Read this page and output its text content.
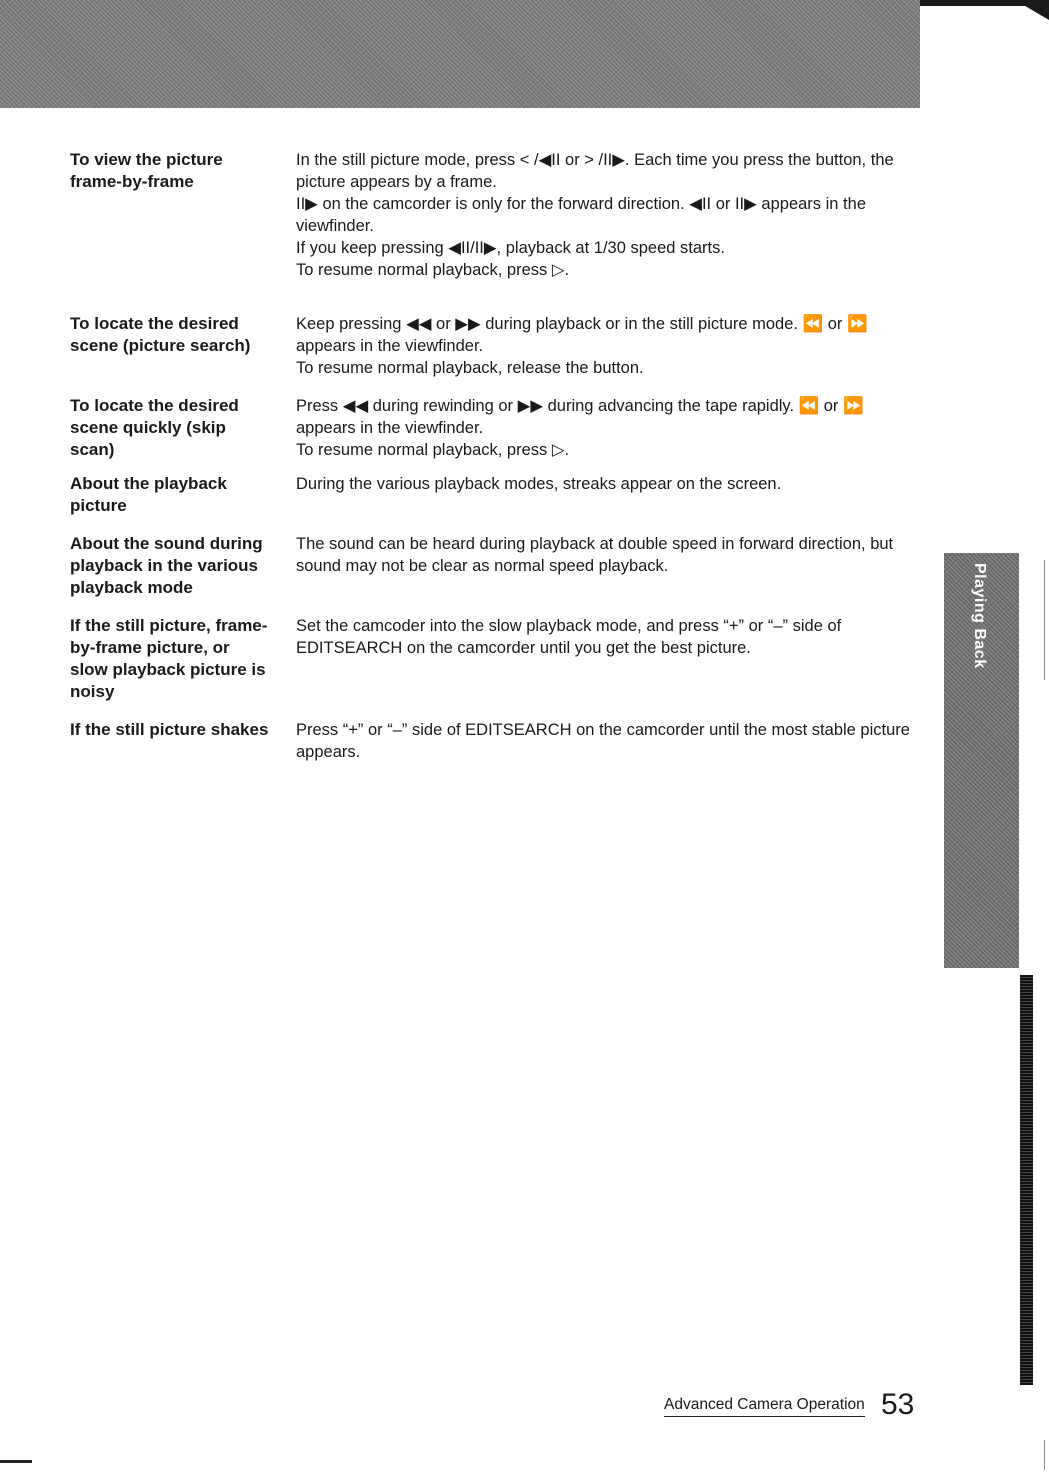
To view the picture
frame-by-frame

In the still picture mode, press < /◀II or > /II▶. Each time you press the button, the picture appears by a frame.

II▶ on the camcorder is only for the forward direction. ◀II or II▶ appears in the viewfinder.

If you keep pressing ◀II/II▶, playback at 1/30 speed starts.

To resume normal playback, press ▷.

To locate the desired
scene (picture search)

Keep pressing ◀◀ or ▶▶ during playback or in the still picture mode. ⏪ or ⏩ appears in the viewfinder.

To resume normal playback, release the button.

To locate the desired
scene quickly (skip
scan)

Press ◀◀ during rewinding or ▶▶ during advancing the tape rapidly. ⏪ or ⏩ appears in the viewfinder.

To resume normal playback, press ▷.

About the playback
picture

During the various playback modes, streaks appear on the screen.

About the sound during
playback in the various
playback mode

The sound can be heard during playback at double speed in forward direction, but sound may not be clear as normal speed playback.

If the still picture, frame-
by-frame picture, or
slow playback picture is
noisy

Set the camcoder into the slow playback mode, and press “+” or “–” side of EDITSEARCH on the camcorder until you get the best picture.

If the still picture shakes	Press “+” or “–” side of EDITSEARCH on the camcorder until the most stable picture appears.

Playing Back
Advanced Camera Operation 53
